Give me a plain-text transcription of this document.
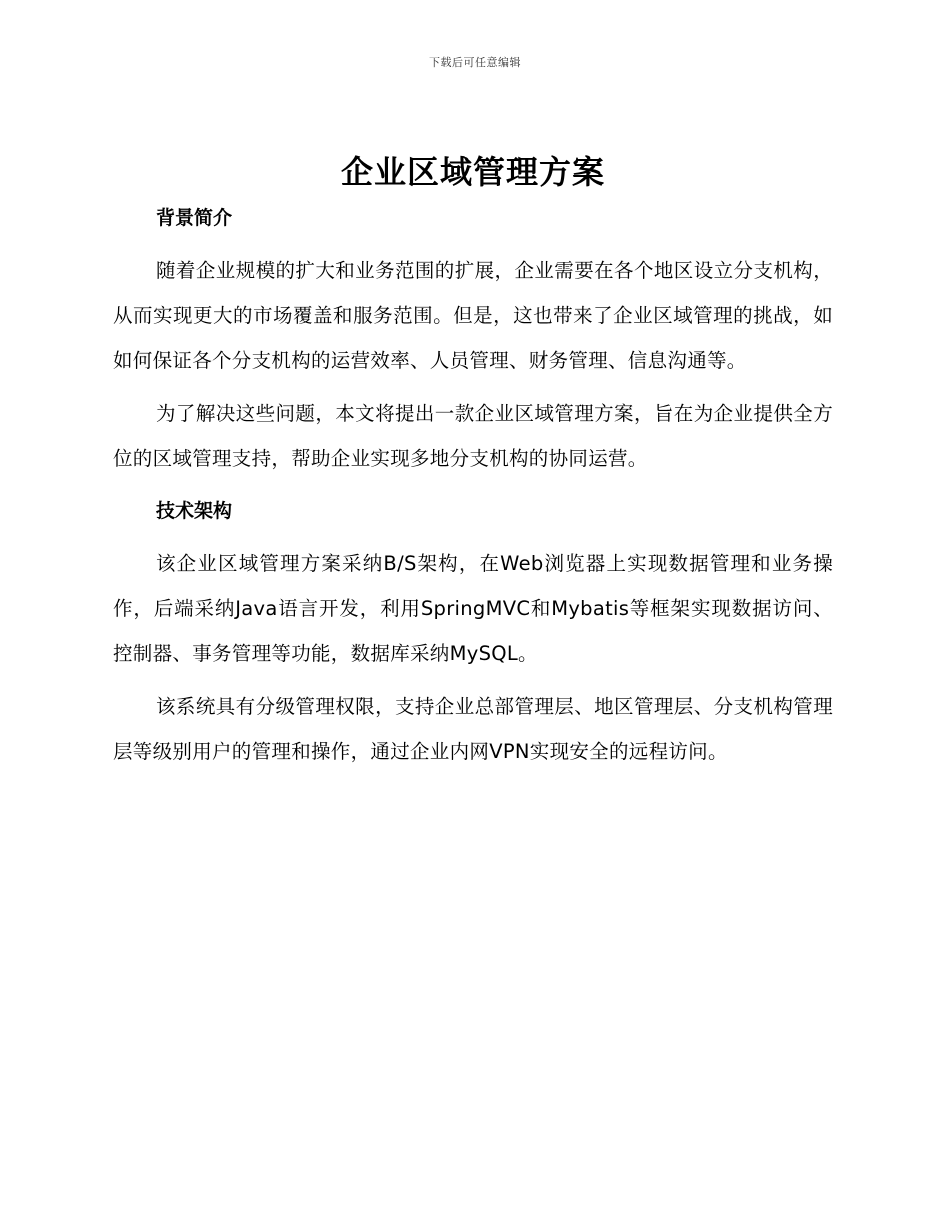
下载后可任意编辑
企业区域管理方案
背景简介

随着企业规模的扩大和业务范围的扩展，企业需要在各个地区设立分支机构，从而实现更大的市场覆盖和服务范围。但是，这也带来了企业区域管理的挑战，如如何保证各个分支机构的运营效率、人员管理、财务管理、信息沟通等。

为了解决这些问题，本文将提出一款企业区域管理方案，旨在为企业提供全方位的区域管理支持，帮助企业实现多地分支机构的协同运营。

技术架构

该企业区域管理方案采纳B/S架构，在Web浏览器上实现数据管理和业务操作，后端采纳Java语言开发，利用SpringMVC和Mybatis等框架实现数据访问、控制器、事务管理等功能，数据库采纳MySQL。

该系统具有分级管理权限，支持企业总部管理层、地区管理层、分支机构管理层等级别用户的管理和操作，通过企业内网VPN实现安全的远程访问。
